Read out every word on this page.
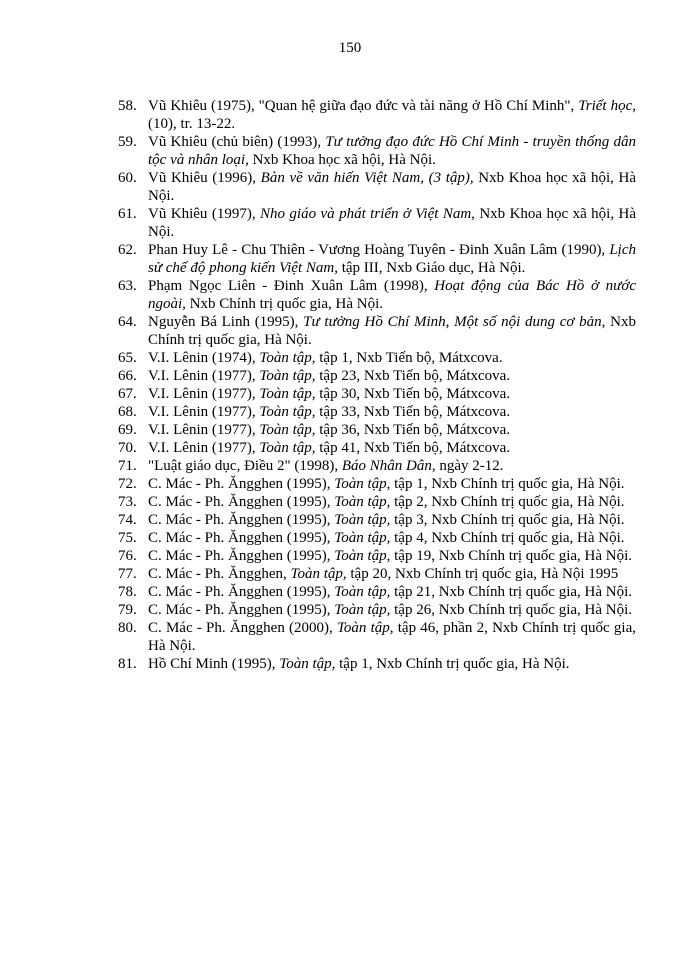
150
58. Vũ Khiêu (1975), "Quan hệ giữa đạo đức và tài năng ở Hồ Chí Minh", Triết học, (10), tr. 13-22.
59. Vũ Khiêu (chủ biên) (1993), Tư tưởng đạo đức Hồ Chí Minh - truyền thống dân tộc và nhân loại, Nxb Khoa học xã hội, Hà Nội.
60. Vũ Khiêu (1996), Bàn về văn hiến Việt Nam, (3 tập), Nxb Khoa học xã hội, Hà Nội.
61. Vũ Khiêu (1997), Nho giáo và phát triển ở Việt Nam, Nxb Khoa học xã hội, Hà Nội.
62. Phan Huy Lê - Chu Thiên - Vương Hoàng Tuyên - Đinh Xuân Lâm (1990), Lịch sử chế độ phong kiến Việt Nam, tập III, Nxb Giáo dục, Hà Nội.
63. Phạm Ngọc Liên - Đinh Xuân Lâm (1998), Hoạt động của Bác Hồ ở nước ngoài, Nxb Chính trị quốc gia, Hà Nội.
64. Nguyễn Bá Linh (1995), Tư tưởng Hồ Chí Minh, Một số nội dung cơ bản, Nxb Chính trị quốc gia, Hà Nội.
65. V.I. Lênin (1974), Toàn tập, tập 1, Nxb Tiến bộ, Mátxcova.
66. V.I. Lênin (1977), Toàn tập, tập 23, Nxb Tiến bộ, Mátxcova.
67. V.I. Lênin (1977), Toàn tập, tập 30, Nxb Tiến bộ, Mátxcova.
68. V.I. Lênin (1977), Toàn tập, tập 33, Nxb Tiến bộ, Mátxcova.
69. V.I. Lênin (1977), Toàn tập, tập 36, Nxb Tiến bộ, Mátxcova.
70. V.I. Lênin (1977), Toàn tập, tập 41, Nxb Tiến bộ, Mátxcova.
71. "Luật giáo dục, Điều 2" (1998), Báo Nhân Dân, ngày 2-12.
72. C. Mác - Ph. Ăngghen (1995), Toàn tập, tập 1, Nxb Chính trị quốc gia, Hà Nội.
73. C. Mác - Ph. Ăngghen (1995), Toàn tập, tập 2, Nxb Chính trị quốc gia, Hà Nội.
74. C. Mác - Ph. Ăngghen (1995), Toàn tập, tập 3, Nxb Chính trị quốc gia, Hà Nội.
75. C. Mác - Ph. Ăngghen (1995), Toàn tập, tập 4, Nxb Chính trị quốc gia, Hà Nội.
76. C. Mác - Ph. Ăngghen (1995), Toàn tập, tập 19, Nxb Chính trị quốc gia, Hà Nội.
77. C. Mác - Ph. Ăngghen, Toàn tập, tập 20, Nxb Chính trị quốc gia, Hà Nội 1995
78. C. Mác - Ph. Ăngghen (1995), Toàn tập, tập 21, Nxb Chính trị quốc gia, Hà Nội.
79. C. Mác - Ph. Ăngghen (1995), Toàn tập, tập 26, Nxb Chính trị quốc gia, Hà Nội.
80. C. Mác - Ph. Ăngghen (2000), Toàn tập, tập 46, phần 2, Nxb Chính trị quốc gia, Hà Nội.
81. Hồ Chí Minh (1995), Toàn tập, tập 1, Nxb Chính trị quốc gia, Hà Nội.
